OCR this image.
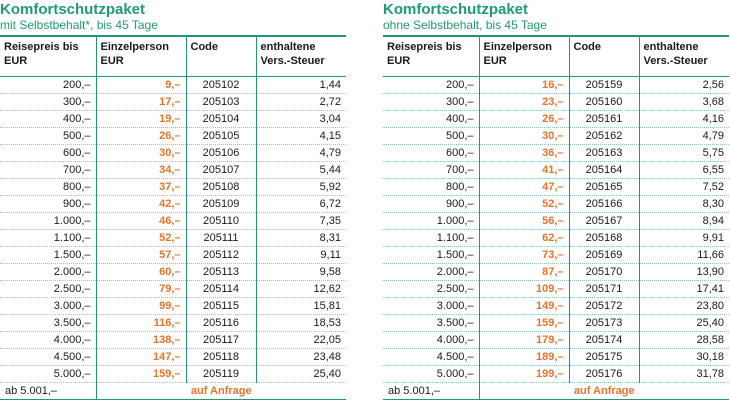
Komfortschutzpaket
mit Selbstbehalt*, bis 45 Tage
Reisepreis bis EUR	Einzelperson EUR	Code	enthaltene Vers.-Steuer
200,–	9,–	205102	1,44
300,–	17,–	205103	2,72
400,–	19,–	205104	3,04
500,–	26,–	205105	4,15
600,–	30,–	205106	4,79
700,–	34,–	205107	5,44
800,–	37,–	205108	5,92
900,–	42,–	205109	6,72
1.000,–	46,–	205110	7,35
1.100,–	52,–	205111	8,31
1.500,–	57,–	205112	9,11
2.000,–	60,–	205113	9,58
2.500,–	79,–	205114	12,62
3.000,–	99,–	205115	15,81
3.500,–	116,–	205116	18,53
4.000,–	138,–	205117	22,05
4.500,–	147,–	205118	23,48
5.000,–	159,–	205119	25,40
ab 5.001,–	auf Anfrage		
Komfortschutzpaket
ohne Selbstbehalt, bis 45 Tage
Reisepreis bis EUR	Einzelperson EUR	Code	enthaltene Vers.-Steuer
200,–	16,–	205159	2,56
300,–	23,–	205160	3,68
400,–	26,–	205161	4,16
500,–	30,–	205162	4,79
600,–	36,–	205163	5,75
700,–	41,–	205164	6,55
800,–	47,–	205165	7,52
900,–	52,–	205166	8,30
1.000,–	56,–	205167	8,94
1.100,–	62,–	205168	9,91
1.500,–	73,–	205169	11,66
2.000,–	87,–	205170	13,90
2.500,–	109,–	205171	17,41
3.000,–	149,–	205172	23,80
3.500,–	159,–	205173	25,40
4.000,–	179,–	205174	28,58
4.500,–	189,–	205175	30,18
5.000,–	199,–	205176	31,78
ab 5.001,–	auf Anfrage		
